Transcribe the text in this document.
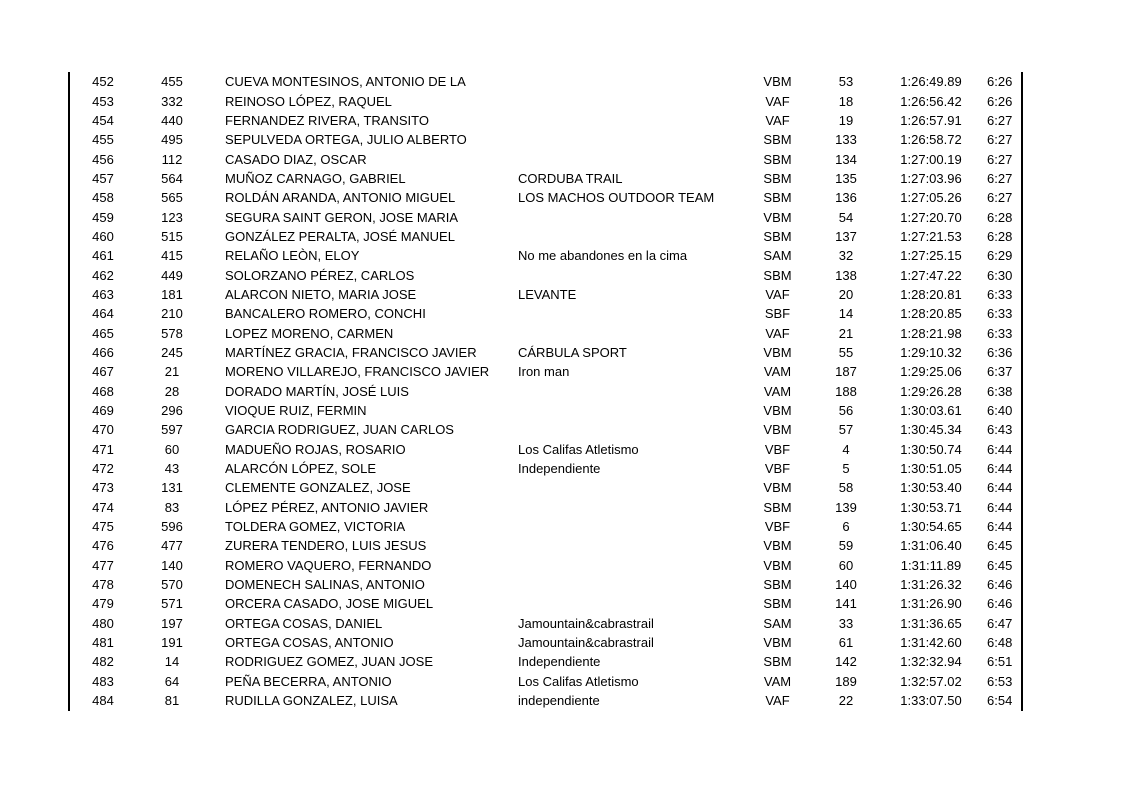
452	455	CUEVA MONTESINOS, ANTONIO DE LA		VBM	53	1:26:49.89	6:26
453	332	REINOSO LÓPEZ, RAQUEL		VAF	18	1:26:56.42	6:26
454	440	FERNANDEZ RIVERA, TRANSITO		VAF	19	1:26:57.91	6:27
455	495	SEPULVEDA ORTEGA, JULIO ALBERTO		SBM	133	1:26:58.72	6:27
456	112	CASADO DIAZ, OSCAR		SBM	134	1:27:00.19	6:27
457	564	MUÑOZ CARNAGO, GABRIEL	CORDUBA TRAIL	SBM	135	1:27:03.96	6:27
458	565	ROLDÁN ARANDA, ANTONIO MIGUEL	LOS MACHOS OUTDOOR TEAM	SBM	136	1:27:05.26	6:27
459	123	SEGURA SAINT GERON, JOSE MARIA		VBM	54	1:27:20.70	6:28
460	515	GONZÁLEZ PERALTA, JOSÉ MANUEL		SBM	137	1:27:21.53	6:28
461	415	RELAÑO LEÒN, ELOY	No me abandones en la cima	SAM	32	1:27:25.15	6:29
462	449	SOLORZANO PÉREZ, CARLOS		SBM	138	1:27:47.22	6:30
463	181	ALARCON NIETO, MARIA JOSE	LEVANTE	VAF	20	1:28:20.81	6:33
464	210	BANCALERO ROMERO, CONCHI		SBF	14	1:28:20.85	6:33
465	578	LOPEZ MORENO, CARMEN		VAF	21	1:28:21.98	6:33
466	245	MARTÍNEZ GRACIA, FRANCISCO JAVIER	CÁRBULA SPORT	VBM	55	1:29:10.32	6:36
467	21	MORENO VILLAREJO, FRANCISCO JAVIER	Iron man	VAM	187	1:29:25.06	6:37
468	28	DORADO MARTÍN, JOSÉ LUIS		VAM	188	1:29:26.28	6:38
469	296	VIOQUE RUIZ, FERMIN		VBM	56	1:30:03.61	6:40
470	597	GARCIA RODRIGUEZ, JUAN CARLOS		VBM	57	1:30:45.34	6:43
471	60	MADUEÑO ROJAS, ROSARIO	Los Califas Atletismo	VBF	4	1:30:50.74	6:44
472	43	ALARCÓN LÓPEZ, SOLE	Independiente	VBF	5	1:30:51.05	6:44
473	131	CLEMENTE GONZALEZ, JOSE		VBM	58	1:30:53.40	6:44
474	83	LÓPEZ PÉREZ, ANTONIO JAVIER		SBM	139	1:30:53.71	6:44
475	596	TOLDERA GOMEZ, VICTORIA		VBF	6	1:30:54.65	6:44
476	477	ZURERA TENDERO, LUIS JESUS		VBM	59	1:31:06.40	6:45
477	140	ROMERO VAQUERO, FERNANDO		VBM	60	1:31:11.89	6:45
478	570	DOMENECH SALINAS, ANTONIO		SBM	140	1:31:26.32	6:46
479	571	ORCERA CASADO, JOSE MIGUEL		SBM	141	1:31:26.90	6:46
480	197	ORTEGA COSAS, DANIEL	Jamountain&cabrastrail	SAM	33	1:31:36.65	6:47
481	191	ORTEGA COSAS, ANTONIO	Jamountain&cabrastrail	VBM	61	1:31:42.60	6:48
482	14	RODRIGUEZ GOMEZ, JUAN JOSE	Independiente	SBM	142	1:32:32.94	6:51
483	64	PEÑA BECERRA, ANTONIO	Los Califas Atletismo	VAM	189	1:32:57.02	6:53
484	81	RUDILLA GONZALEZ, LUISA	independiente	VAF	22	1:33:07.50	6:54
